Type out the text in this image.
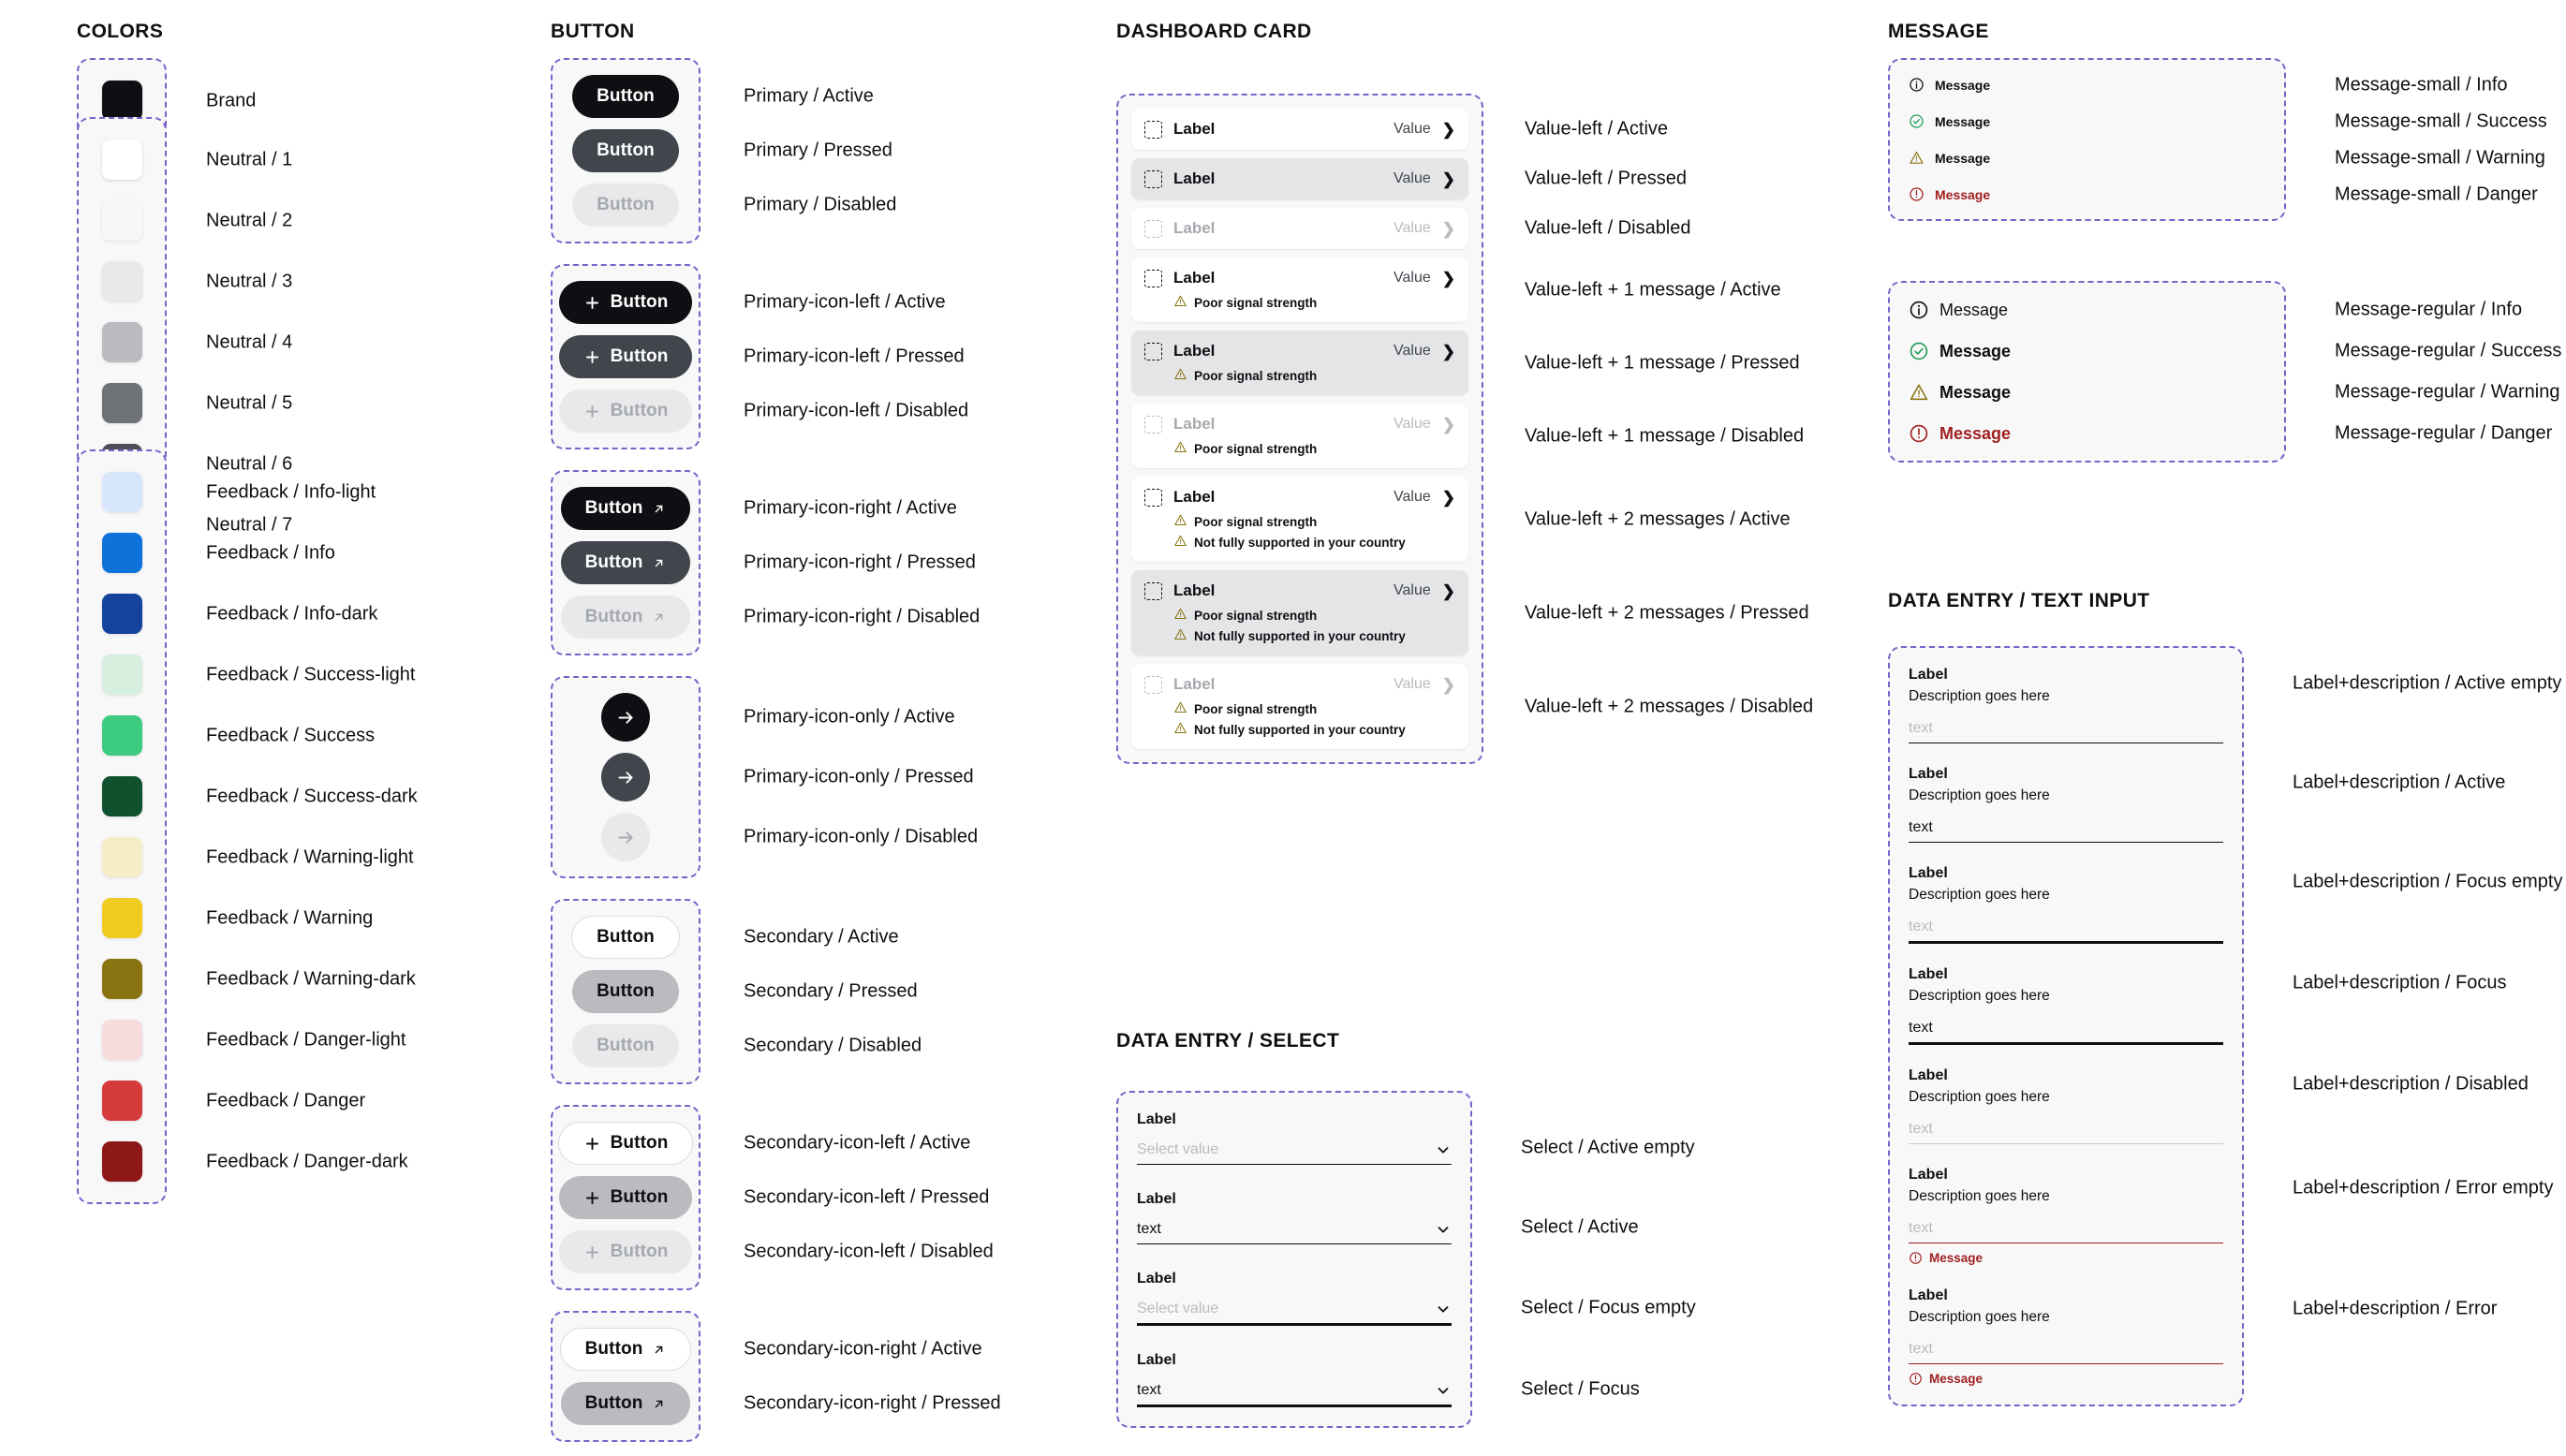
COLORS
Brand
Neutral / 1
Neutral / 2
Neutral / 3
Neutral / 4
Neutral / 5
Neutral / 6
Neutral / 7
Feedback / Info-light
Feedback / Info
Feedback / Info-dark
Feedback / Success-light
Feedback / Success
Feedback / Success-dark
Feedback / Warning-light
Feedback / Warning
Feedback / Warning-dark
Feedback / Danger-light
Feedback / Danger
Feedback / Danger-dark
BUTTON
Button	Primary / Active
Button	Primary / Pressed
Button	Primary / Disabled
Button	Primary-icon-left / Active
Button	Primary-icon-left / Pressed
Button	Primary-icon-left / Disabled
Button	Primary-icon-right / Active
Button	Primary-icon-right / Pressed
Button	Primary-icon-right / Disabled
Primary-icon-only / Active
Primary-icon-only / Pressed
Primary-icon-only / Disabled
Button	Secondary / Active
Button	Secondary / Pressed
Button	Secondary / Disabled
Button	Secondary-icon-left / Active
Button	Secondary-icon-left / Pressed
Button	Secondary-icon-left / Disabled
Button	Secondary-icon-right / Active
Button	Secondary-icon-right / Pressed
DASHBOARD CARD
Label	Value ❯	Value-left / Active
Label	Value ❯	Value-left / Pressed
Label	Value ❯	Value-left / Disabled
Label	Value ❯
Poor signal strength
Value-left + 1 message / Active
Label	Value ❯
Poor signal strength
Value-left + 1 message / Pressed
Label	Value ❯
Poor signal strength
Value-left + 1 message / Disabled
Label	Value ❯
Poor signal strength
Not fully supported in your country
Value-left + 2 messages / Active
Label	Value ❯
Poor signal strength
Not fully supported in your country
Value-left + 2 messages / Pressed
Label	Value ❯
Poor signal strength
Not fully supported in your country
Value-left + 2 messages / Disabled
DATA ENTRY / SELECT
Label
Select value	Select / Active empty
Label
text	Select / Active
Label
Select value	Select / Focus empty
Label
text	Select / Focus
MESSAGE
Message	Message-small / Info
Message	Message-small / Success
Message	Message-small / Warning
Message	Message-small / Danger
Message	Message-regular / Info
Message	Message-regular / Success
Message	Message-regular / Warning
Message	Message-regular / Danger
DATA ENTRY / TEXT INPUT
Label
Description goes here
text
Label+description / Active empty
Label
Description goes here
text
Label+description / Active
Label
Description goes here
text
Label+description / Focus empty
Label
Description goes here
text
Label+description / Focus
Label
Description goes here
text
Label+description / Disabled
Label
Description goes here
text
Message
Label+description / Error empty
Label
Description goes here
text
Message
Label+description / Error
